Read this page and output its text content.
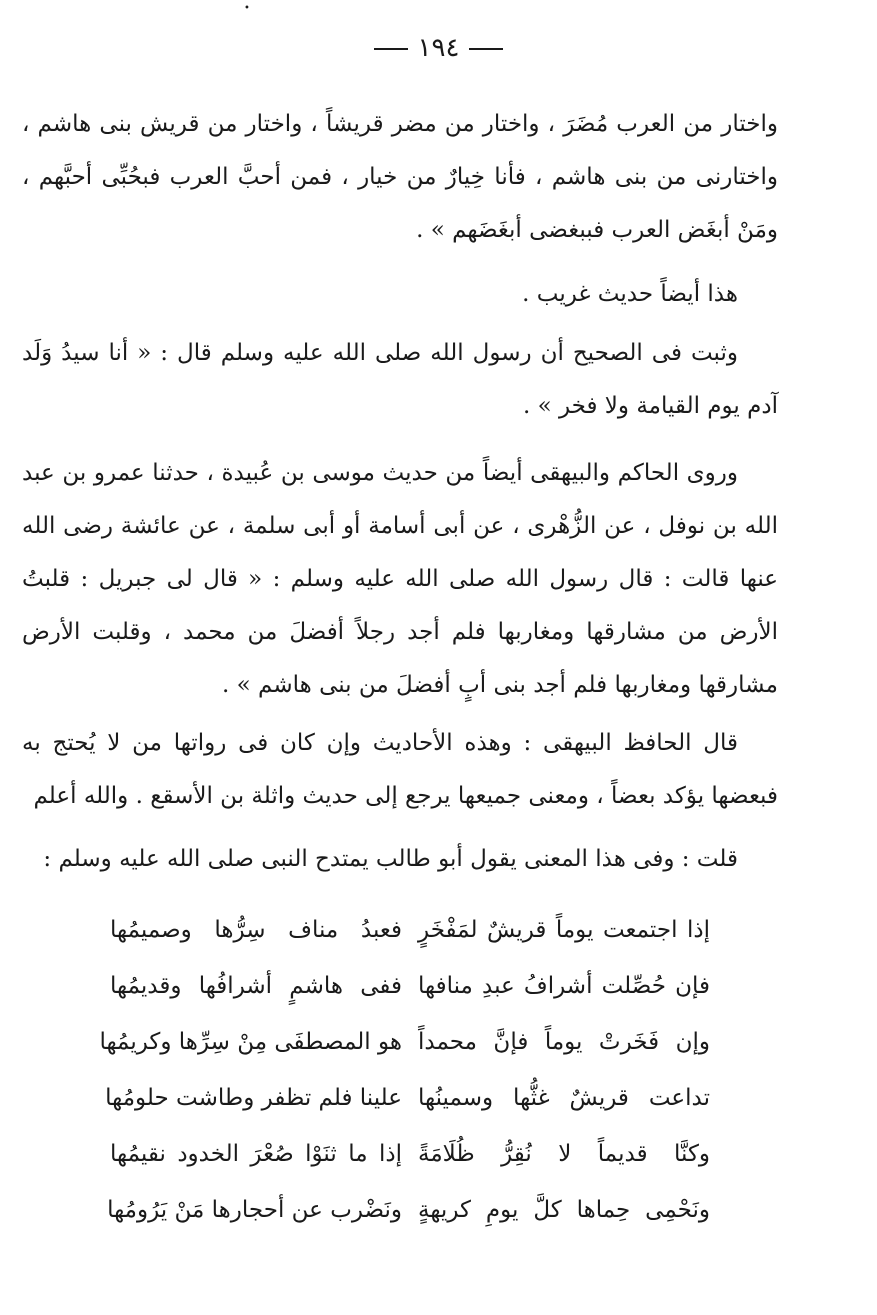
•
١٩٤

واختار من العرب مُضَرَ ، واختار من مضر قريشاً ، واختار من قريش بنى هاشم ، واختارنى من بنى هاشم ، فأنا خِيارٌ من خيار ، فمن أحبَّ العرب فبحُبِّى أحبَّهم ، ومَنْ أبغَض العرب فببغضى أبغَضَهم » .

هذا أيضاً حديث غريب .

وثبت فى الصحيح أن رسول الله صلى الله عليه وسلم قال : « أنا سيدُ وَلَد آدم يوم القيامة ولا فخر » .

وروى الحاكم والبيهقى أيضاً من حديث موسى بن عُبيدة ، حدثنا عمرو بن عبد الله بن نوفل ، عن الزُّهْرى ، عن أبى أسامة أو أبى سلمة ، عن عائشة رضى الله عنها قالت : قال رسول الله صلى الله عليه وسلم : « قال لى جبريل : قلبتُ الأرض من مشارقها ومغاربها فلم أجد رجلاً أفضلَ من محمد ، وقلبت الأرض مشارقها ومغاربها فلم أجد بنى أبٍ أفضلَ من بنى هاشم » .

قال الحافظ البيهقى : وهذه الأحاديث وإن كان فى رواتها من لا يُحتج به فبعضها يؤكد بعضاً ، ومعنى جميعها يرجع إلى حديث واثلة بن الأسقع . والله أعلم

قلت : وفى هذا المعنى يقول أبو طالب يمتدح النبى صلى الله عليه وسلم :

إذا اجتمعت يوماً قريشٌ لمَفْخَرٍ
فعبدُ مناف سِرُّها وصميمُها
فإن حُصِّلت أشرافُ عبدِ منافها
ففى هاشمٍ أشرافُها وقديمُها
وإن فَخَرتْ يوماً فإنَّ محمداً
هو المصطفَى مِنْ سِرِّها وكريمُها
تداعت قريشٌ غثُّها وسمينُها
علينا فلم تظفر وطاشت حلومُها
وكنَّا قديماً لا نُقِرُّ ظُلَامَةً
إذا ما ثنَوْا صُعْرَ الخدود نقيمُها
ونَحْمِى حِماها كلَّ يومِ كريهةٍ
ونَضْرب عن أحجارها مَنْ يَرُومُها
